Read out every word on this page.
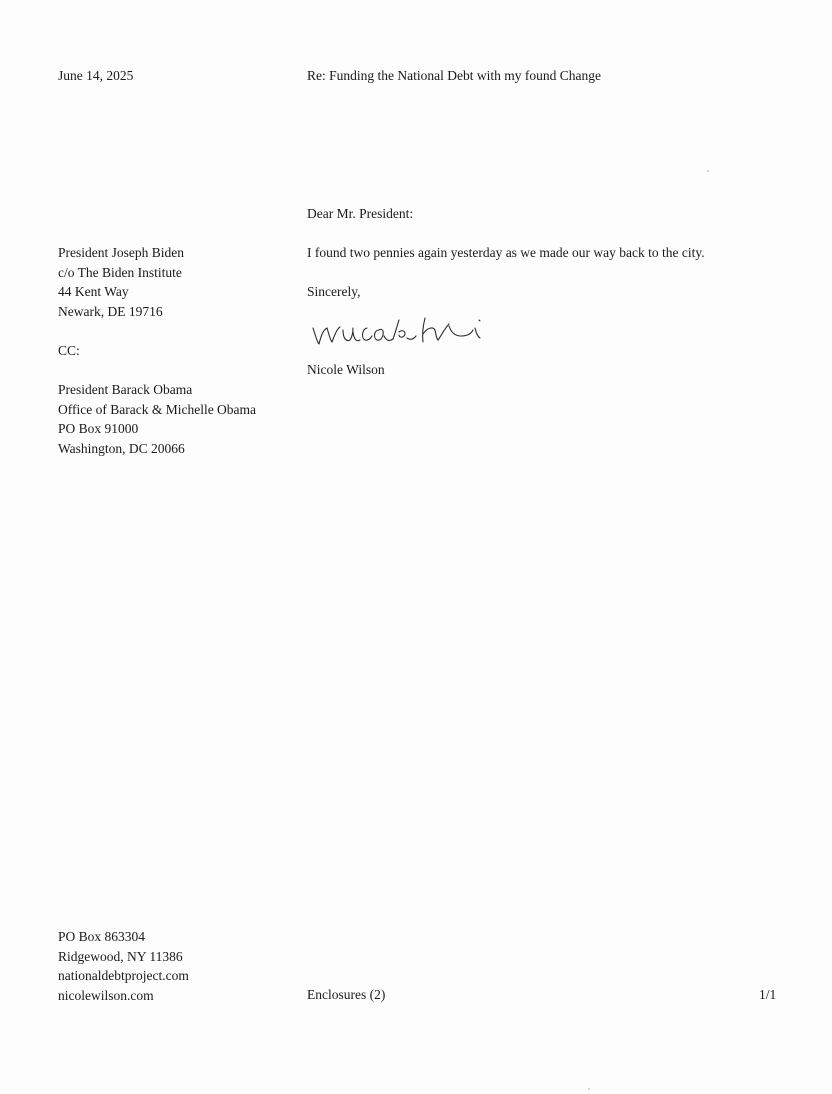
June 14, 2025	Re: Funding the National Debt with my found Change
Dear Mr. President:
I found two pennies again yesterday as we made our way back to the city.
Sincerely,
Nicole Wilson
President Joseph Biden
c/o The Biden Institute
44 Kent Way
Newark, DE 19716
CC:
President Barack Obama
Office of Barack & Michelle Obama
PO Box 91000
Washington, DC 20066
PO Box 863304
Ridgewood, NY 11386
nationaldebtproject.com
nicolewilson.com	Enclosures (2)	1/1
